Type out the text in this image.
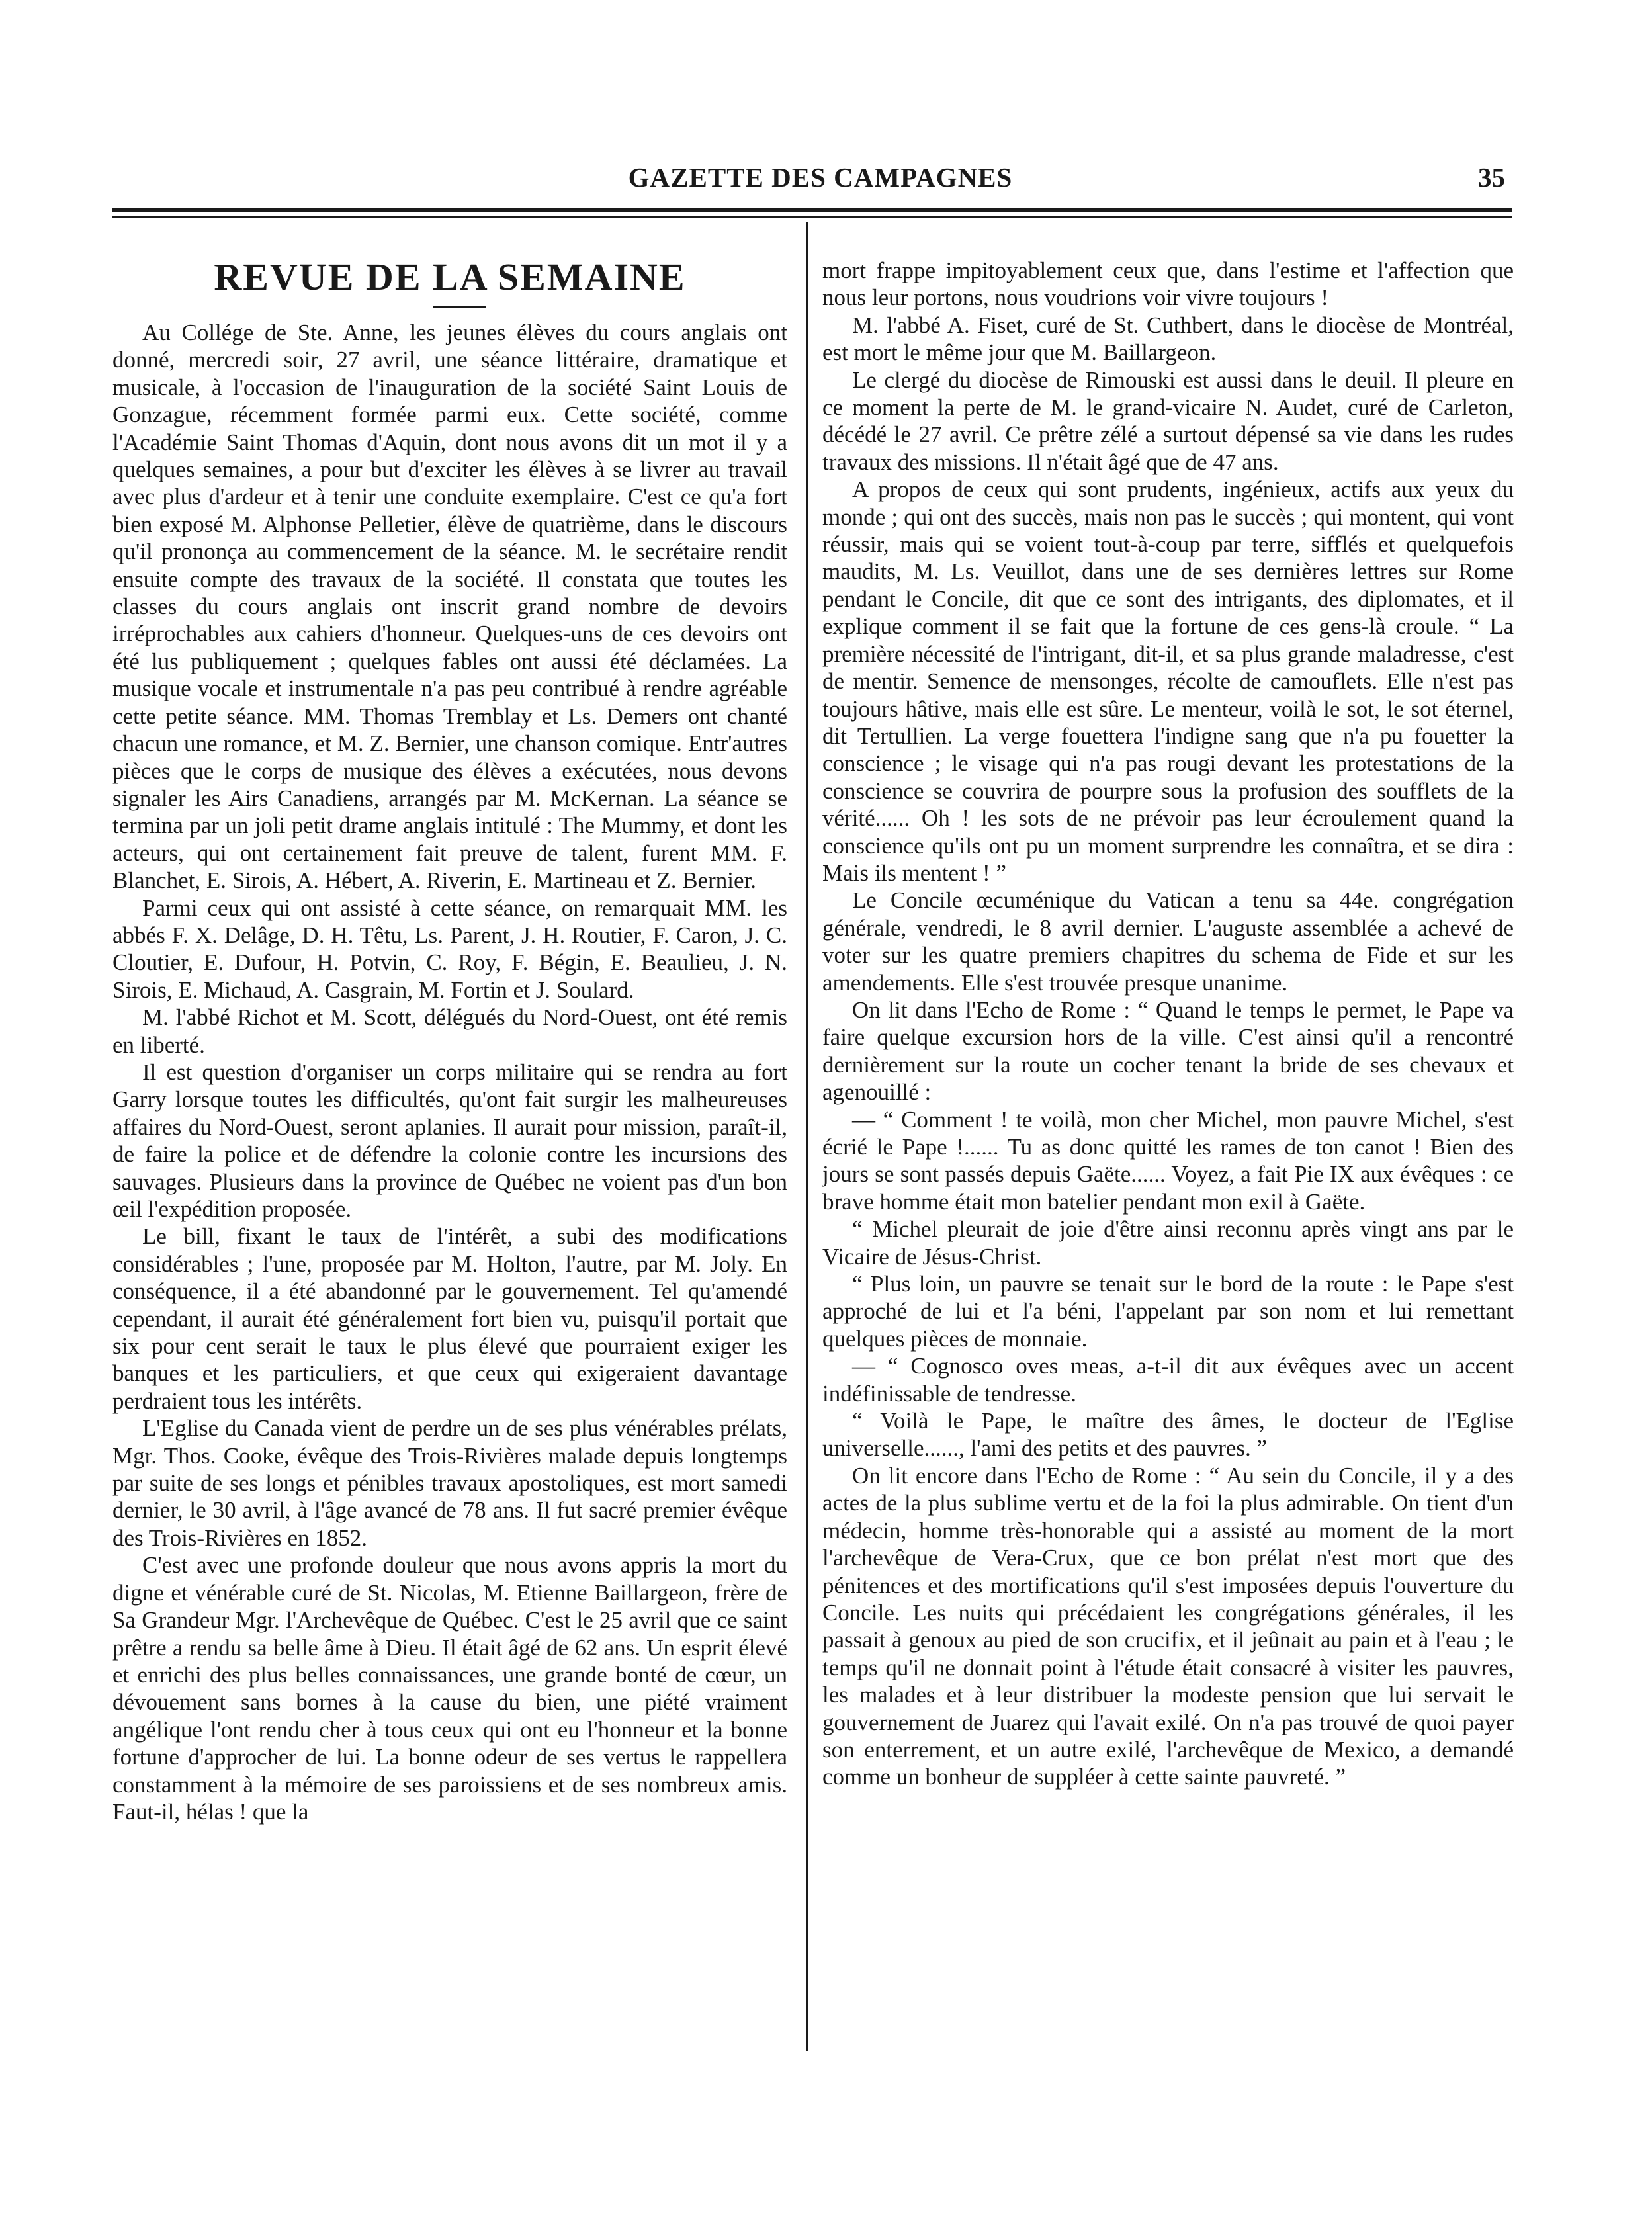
GAZETTE DES CAMPAGNES	35
REVUE DE LA SEMAINE

Au Collége de Ste. Anne, les jeunes élèves du cours anglais ont donné, mercredi soir, 27 avril, une séance littéraire, dramatique et musicale, à l'occasion de l'inauguration de la société Saint Louis de Gonzague, récemment formée parmi eux. Cette société, comme l'Académie Saint Thomas d'Aquin, dont nous avons dit un mot il y a quelques semaines, a pour but d'exciter les élèves à se livrer au travail avec plus d'ardeur et à tenir une conduite exemplaire. C'est ce qu'a fort bien exposé M. Alphonse Pelletier, élève de quatrième, dans le discours qu'il prononça au commencement de la séance. M. le secrétaire rendit ensuite compte des travaux de la société. Il constata que toutes les classes du cours anglais ont inscrit grand nombre de devoirs irréprochables aux cahiers d'honneur. Quelques-uns de ces devoirs ont été lus publiquement ; quelques fables ont aussi été déclamées. La musique vocale et instrumentale n'a pas peu contribué à rendre agréable cette petite séance. MM. Thomas Tremblay et Ls. Demers ont chanté chacun une romance, et M. Z. Bernier, une chanson comique. Entr'autres pièces que le corps de musique des élèves a exécutées, nous devons signaler les Airs Canadiens, arrangés par M. McKernan. La séance se termina par un joli petit drame anglais intitulé : The Mummy, et dont les acteurs, qui ont certainement fait preuve de talent, furent MM. F. Blanchet, E. Sirois, A. Hébert, A. Riverin, E. Martineau et Z. Bernier.

Parmi ceux qui ont assisté à cette séance, on remarquait MM. les abbés F. X. Delâge, D. H. Têtu, Ls. Parent, J. H. Routier, F. Caron, J. C. Cloutier, E. Dufour, H. Potvin, C. Roy, F. Bégin, E. Beaulieu, J. N. Sirois, E. Michaud, A. Casgrain, M. Fortin et J. Soulard.

M. l'abbé Richot et M. Scott, délégués du Nord-Ouest, ont été remis en liberté.

Il est question d'organiser un corps militaire qui se rendra au fort Garry lorsque toutes les difficultés, qu'ont fait surgir les malheureuses affaires du Nord-Ouest, seront aplanies. Il aurait pour mission, paraît-il, de faire la police et de défendre la colonie contre les incursions des sauvages. Plusieurs dans la province de Québec ne voient pas d'un bon œil l'expédition proposée.

Le bill, fixant le taux de l'intérêt, a subi des modifications considérables ; l'une, proposée par M. Holton, l'autre, par M. Joly. En conséquence, il a été abandonné par le gouvernement. Tel qu'amendé cependant, il aurait été généralement fort bien vu, puisqu'il portait que six pour cent serait le taux le plus élevé que pourraient exiger les banques et les particuliers, et que ceux qui exigeraient davantage perdraient tous les intérêts.

L'Eglise du Canada vient de perdre un de ses plus vénérables prélats, Mgr. Thos. Cooke, évêque des Trois-Rivières malade depuis longtemps par suite de ses longs et pénibles travaux apostoliques, est mort samedi dernier, le 30 avril, à l'âge avancé de 78 ans. Il fut sacré premier évêque des Trois-Rivières en 1852.

C'est avec une profonde douleur que nous avons appris la mort du digne et vénérable curé de St. Nicolas, M. Etienne Baillargeon, frère de Sa Grandeur Mgr. l'Archevêque de Québec. C'est le 25 avril que ce saint prêtre a rendu sa belle âme à Dieu. Il était âgé de 62 ans. Un esprit élevé et enrichi des plus belles connaissances, une grande bonté de cœur, un dévouement sans bornes à la cause du bien, une piété vraiment angélique l'ont rendu cher à tous ceux qui ont eu l'honneur et la bonne fortune d'approcher de lui. La bonne odeur de ses vertus le rappellera constamment à la mémoire de ses paroissiens et de ses nombreux amis. Faut-il, hélas ! que la

mort frappe impitoyablement ceux que, dans l'estime et l'affection que nous leur portons, nous voudrions voir vivre toujours !

M. l'abbé A. Fiset, curé de St. Cuthbert, dans le diocèse de Montréal, est mort le même jour que M. Baillargeon.

Le clergé du diocèse de Rimouski est aussi dans le deuil. Il pleure en ce moment la perte de M. le grand-vicaire N. Audet, curé de Carleton, décédé le 27 avril. Ce prêtre zélé a surtout dépensé sa vie dans les rudes travaux des missions. Il n'était âgé que de 47 ans.

A propos de ceux qui sont prudents, ingénieux, actifs aux yeux du monde ; qui ont des succès, mais non pas le succès ; qui montent, qui vont réussir, mais qui se voient tout-à-coup par terre, sifflés et quelquefois maudits, M. Ls. Veuillot, dans une de ses dernières lettres sur Rome pendant le Concile, dit que ce sont des intrigants, des diplomates, et il explique comment il se fait que la fortune de ces gens-là croule. “ La première nécessité de l'intrigant, dit-il, et sa plus grande maladresse, c'est de mentir. Semence de mensonges, récolte de camouflets. Elle n'est pas toujours hâtive, mais elle est sûre. Le menteur, voilà le sot, le sot éternel, dit Tertullien. La verge fouettera l'indigne sang que n'a pu fouetter la conscience ; le visage qui n'a pas rougi devant les protestations de la conscience se couvrira de pourpre sous la profusion des soufflets de la vérité...... Oh ! les sots de ne prévoir pas leur écroulement quand la conscience qu'ils ont pu un moment surprendre les connaîtra, et se dira : Mais ils mentent ! ”

Le Concile œcuménique du Vatican a tenu sa 44e. congrégation générale, vendredi, le 8 avril dernier. L'auguste assemblée a achevé de voter sur les quatre premiers chapitres du schema de Fide et sur les amendements. Elle s'est trouvée presque unanime.

On lit dans l'Echo de Rome : “ Quand le temps le permet, le Pape va faire quelque excursion hors de la ville. C'est ainsi qu'il a rencontré dernièrement sur la route un cocher tenant la bride de ses chevaux et agenouillé :

— “ Comment ! te voilà, mon cher Michel, mon pauvre Michel, s'est écrié le Pape !...... Tu as donc quitté les rames de ton canot ! Bien des jours se sont passés depuis Gaëte...... Voyez, a fait Pie IX aux évêques : ce brave homme était mon batelier pendant mon exil à Gaëte.

“ Michel pleurait de joie d'être ainsi reconnu après vingt ans par le Vicaire de Jésus-Christ.

“ Plus loin, un pauvre se tenait sur le bord de la route : le Pape s'est approché de lui et l'a béni, l'appelant par son nom et lui remettant quelques pièces de monnaie.

— “ Cognosco oves meas, a-t-il dit aux évêques avec un accent indéfinissable de tendresse.

“ Voilà le Pape, le maître des âmes, le docteur de l'Eglise universelle......, l'ami des petits et des pauvres. ”

On lit encore dans l'Echo de Rome : “ Au sein du Concile, il y a des actes de la plus sublime vertu et de la foi la plus admirable. On tient d'un médecin, homme très-honorable qui a assisté au moment de la mort l'archevêque de Vera-Crux, que ce bon prélat n'est mort que des pénitences et des mortifications qu'il s'est imposées depuis l'ouverture du Concile. Les nuits qui précédaient les congrégations générales, il les passait à genoux au pied de son crucifix, et il jeûnait au pain et à l'eau ; le temps qu'il ne donnait point à l'étude était consacré à visiter les pauvres, les malades et à leur distribuer la modeste pension que lui servait le gouvernement de Juarez qui l'avait exilé. On n'a pas trouvé de quoi payer son enterrement, et un autre exilé, l'archevêque de Mexico, a demandé comme un bonheur de suppléer à cette sainte pauvreté. ”
